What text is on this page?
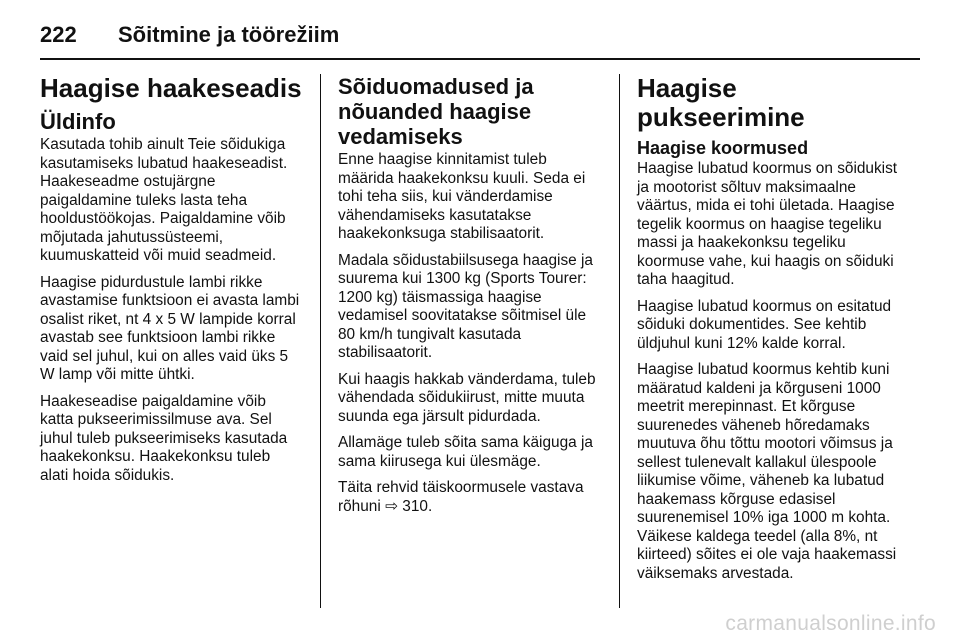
222 Sõitmine ja töörežiim
Haagise haakeseadis
Üldinfo

Kasutada tohib ainult Teie sõidukiga kasutamiseks lubatud haakeseadist. Haakeseadme ostujärgne paigaldamine tuleks lasta teha hooldustöökojas. Paigaldamine võib mõjutada jahutussüsteemi, kuumuskatteid või muid seadmeid.

Haagise pidurdustule lambi rikke avastamise funktsioon ei avasta lambi osalist riket, nt 4 x 5 W lampide korral avastab see funktsioon lambi rikke vaid sel juhul, kui on alles vaid üks 5 W lamp või mitte ühtki.

Haakeseadise paigaldamine võib katta pukseerimissilmuse ava. Sel juhul tuleb pukseerimiseks kasutada haakekonksu. Haakekonksu tuleb alati hoida sõidukis.

Sõiduomadused ja nõuanded haagise vedamiseks

Enne haagise kinnitamist tuleb määrida haakekonksu kuuli. Seda ei tohi teha siis, kui vänderdamise vähendamiseks kasutatakse haakekonksuga stabilisaatorit.

Madala sõidustabiilsusega haagise ja suurema kui 1300 kg (Sports Tourer: 1200 kg) täismassiga haagise vedamisel soovitatakse sõitmisel üle 80 km/h tungivalt kasutada stabilisaatorit.

Kui haagis hakkab vänderdama, tuleb vähendada sõidukiirust, mitte muuta suunda ega järsult pidurdada.

Allamäge tuleb sõita sama käiguga ja sama kiirusega kui ülesmäge.

Täita rehvid täiskoormusele vastava rõhuni ⇨ 310.

Haagise pukseerimine
Haagise koormused

Haagise lubatud koormus on sõidukist ja mootorist sõltuv maksimaalne väärtus, mida ei tohi ületada. Haagise tegelik koormus on haagise tegeliku massi ja haakekonksu tegeliku koormuse vahe, kui haagis on sõiduki taha haagitud.

Haagise lubatud koormus on esitatud sõiduki dokumentides. See kehtib üldjuhul kuni 12% kalde korral.

Haagise lubatud koormus kehtib kuni määratud kaldeni ja kõrguseni 1000 meetrit merepinnast. Et kõrguse suurenedes väheneb hõredamaks muutuva õhu tõttu mootori võimsus ja sellest tulenevalt kallakul ülespoole liikumise võime, väheneb ka lubatud haakemass kõrguse edasisel suurenemisel 10% iga 1000 m kohta. Väikese kaldega teedel (alla 8%, nt kiirteed) sõites ei ole vaja haakemassi väiksemaks arvestada.

carmanualsonline.info
